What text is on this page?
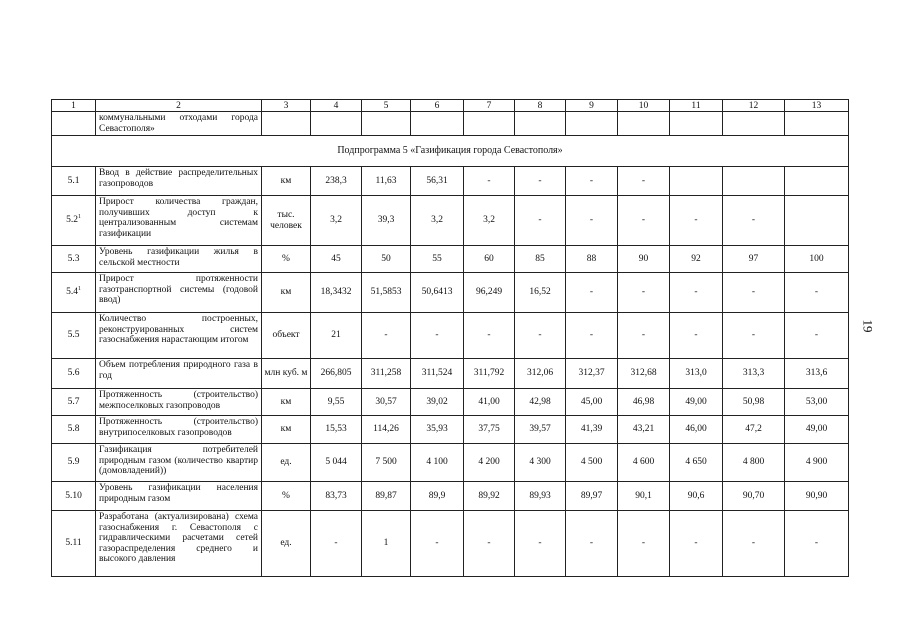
1	2	3	4	5	6	7	8	9	10	11	12	13
	коммунальными отходами города Севастополя»											
Подпрограмма 5 «Газификация города Севастополя»												
5.1	Ввод в действие распределительных газопроводов	км	238,3	11,63	56,31	-	-	-	-			
$5.2^1$	Прирост количества граждан, получивших доступ к централизованным системам газификации	тыс. человек	3,2	39,3	3,2	3,2	-	-	-	-	-	
5.3	Уровень газификации жилья в сельской местности	%	45	50	55	60	85	88	90	92	97	100
$5.4^1$	Прирост протяженности газотранспортной системы (годовой ввод)	км	18,3432	51,5853	50,6413	96,249	16,52	-	-	-	-	-
5.5	Количество построенных, реконструированных систем газоснабжения нарастающим итогом	объект	21	-	-	-	-	-	-	-	-	-
5.6	Объем потребления природного газа в год	млн куб. м	266,805	311,258	311,524	311,792	312,06	312,37	312,68	313,0	313,3	313,6
5.7	Протяженность (строительство) межпоселковых газопроводов	км	9,55	30,57	39,02	41,00	42,98	45,00	46,98	49,00	50,98	53,00
5.8	Протяженность (строительство) внутрипоселковых газопроводов	км	15,53	114,26	35,93	37,75	39,57	41,39	43,21	46,00	47,2	49,00
5.9	Газификация потребителей природным газом (количество квартир (домовладений))	ед.	5 044	7 500	4 100	4 200	4 300	4 500	4 600	4 650	4 800	4 900
5.10	Уровень газификации населения природным газом	%	83,73	89,87	89,9	89,92	89,93	89,97	90,1	90,6	90,70	90,90
5.11	Разработана (актуализирована) схема газоснабжения г. Севастополя с гидравлическими расчетами сетей газораспределения среднего и высокого давления	ед.	-	1	-	-	-	-	-	-	-	-
19
